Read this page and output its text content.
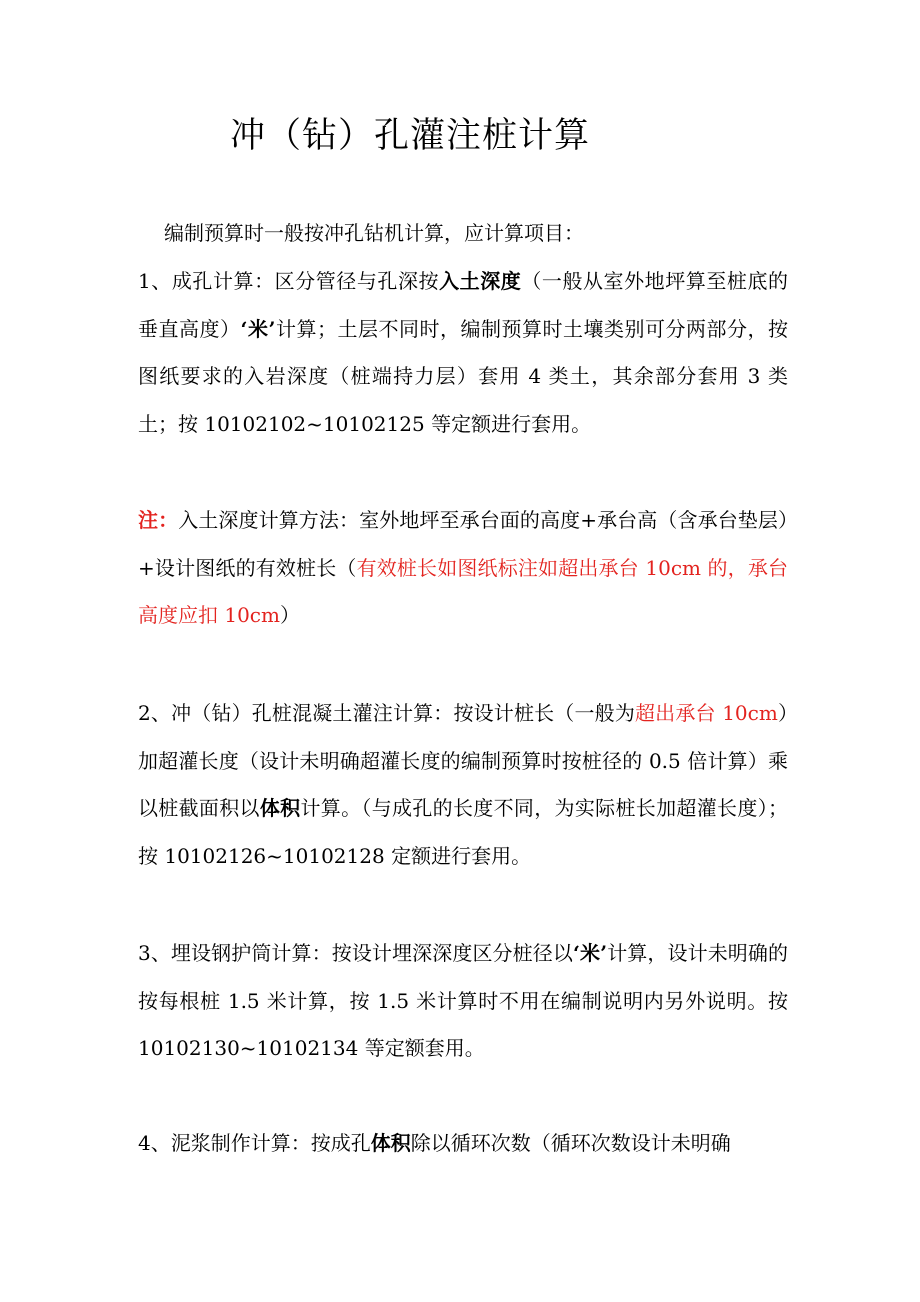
冲（钻）孔灌注桩计算

编制预算时一般按冲孔钻机计算，应计算项目：

1、成孔计算：区分管径与孔深按入土深度（一般从室外地坪算至桩底的垂直高度）‘米’计算；土层不同时，编制预算时土壤类别可分两部分，按图纸要求的入岩深度（桩端持力层）套用 4 类土，其余部分套用 3 类土；按 10102102~10102125 等定额进行套用。

注：入土深度计算方法：室外地坪至承台面的高度+承台高（含承台垫层）+设计图纸的有效桩长（有效桩长如图纸标注如超出承台 10cm 的，承台高度应扣 10cm）

2、冲（钻）孔桩混凝土灌注计算：按设计桩长（一般为超出承台 10cm）加超灌长度（设计未明确超灌长度的编制预算时按桩径的 0.5 倍计算）乘以桩截面积以体积计算。（与成孔的长度不同，为实际桩长加超灌长度）；按 10102126~10102128 定额进行套用。

3、埋设钢护筒计算：按设计埋深深度区分桩径以‘米’计算，设计未明确的按每根桩 1.5 米计算，按 1.5 米计算时不用在编制说明内另外说明。按 10102130~10102134 等定额套用。

4、泥浆制作计算：按成孔体积除以循环次数（循环次数设计未明确
